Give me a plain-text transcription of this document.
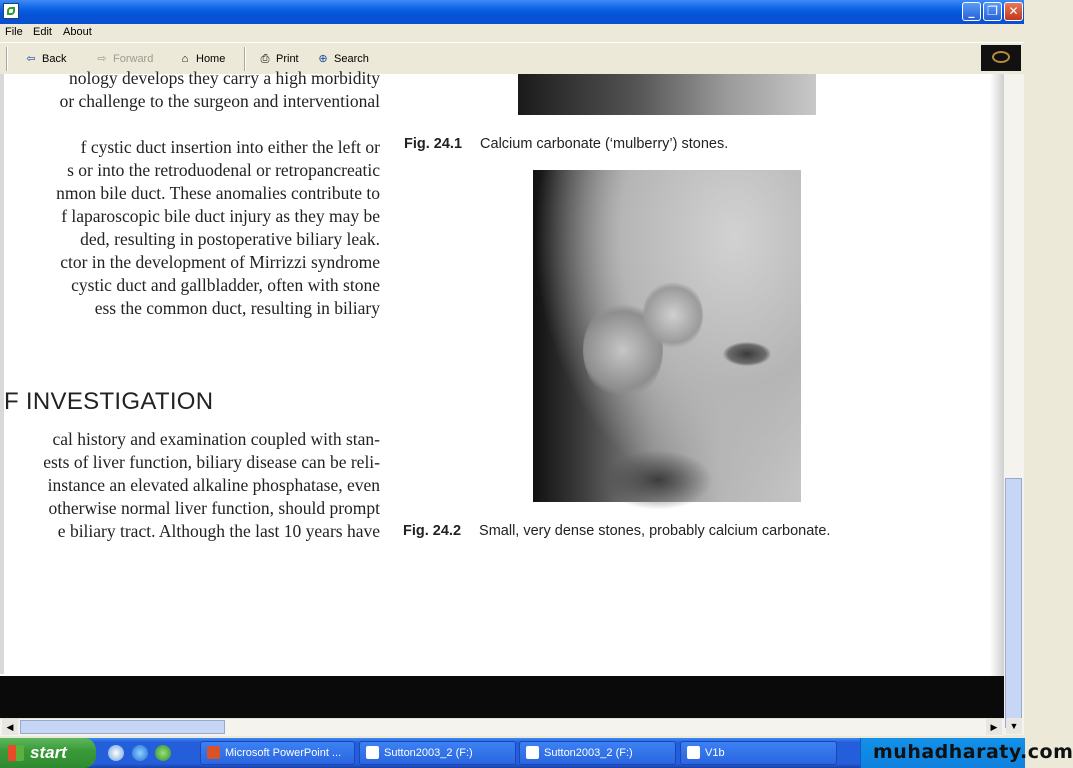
_	❐ ✕
File Edit About
⇦ Back	⇨ Forward	⌂ Home	⎙ Print ⊕ Search
nology develops they carry a high morbidity
or challenge to the surgeon and interventional
f cystic duct insertion into either the left or
s or into the retroduodenal or retropancreatic
nmon bile duct. These anomalies contribute to
f laparoscopic bile duct injury as they may be
ded, resulting in postoperative biliary leak.
ctor in the development of Mirrizzi syndrome
cystic duct and gallbladder, often with stone
ess the common duct, resulting in biliary
F INVESTIGATION
cal history and examination coupled with stan-
ests of liver function, biliary disease can be reli-
instance an elevated alkaline phosphatase, even
otherwise normal liver function, should prompt
e biliary tract. Although the last 10 years have
Fig. 24.1 Calcium carbonate (‘mulberry’) stones.
Fig. 24.2 Small, very dense stones, probably calcium carbonate.
▼
◀	▶
start	Microsoft PowerPoint ...	Sutton2003_2 (F:)	Sutton2003_2 (F:)	V1b	muhadharaty.com
